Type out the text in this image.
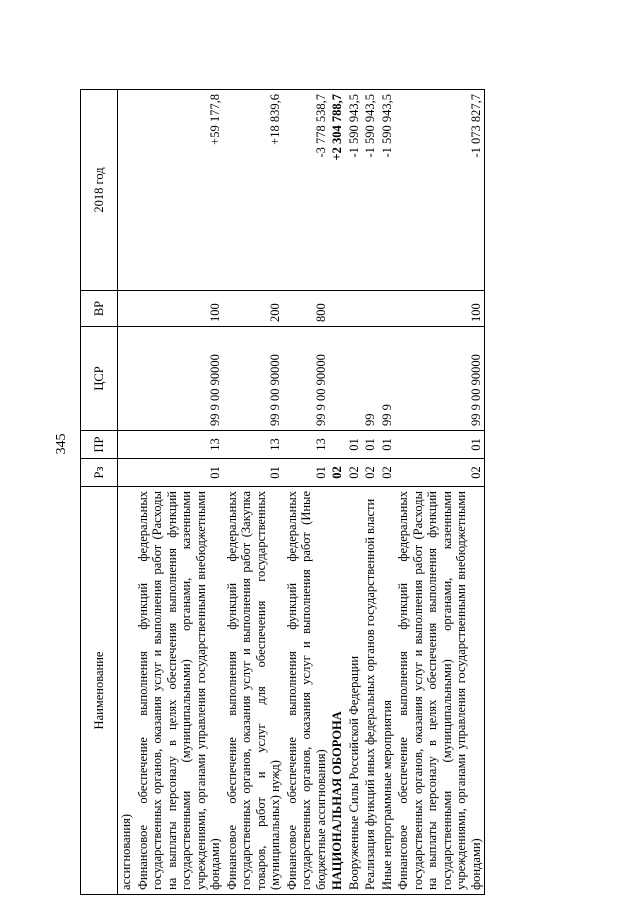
345
Наименование	Рз	ПР	ЦСР	ВР	2018 год
ассигнования)					
Финансовое обеспечение выполнения функций федеральных государственных органов, оказания услуг и выполнения работ (Расходы на выплаты персоналу в целях обеспечения выполнения функций государственными (муниципальными) органами, казенными учреждениями, органами управления государственными внебюджетными фондами)	01	13	99 9 00 90000	100	+59 177,8
Финансовое обеспечение выполнения функций федеральных государственных органов, оказания услуг и выполнения работ (Закупка товаров, работ и услуг для обеспечения государственных (муниципальных) нужд)	01	13	99 9 00 90000	200	+18 839,6
Финансовое обеспечение выполнения функций федеральных государственных органов, оказания услуг и выполнения работ (Иные бюджетные ассигнования)	01	13	99 9 00 90000	800	-3 778 538,7
НАЦИОНАЛЬНАЯ ОБОРОНА	02				+2 304 788,7
Вооруженные Силы Российской Федерации	02	01			-1 590 943,5
Реализация функций иных федеральных органов государственной власти	02	01	99		-1 590 943,5
Иные непрограммные мероприятия	02	01	99 9		-1 590 943,5
Финансовое обеспечение выполнения функций федеральных государственных органов, оказания услуг и выполнения работ (Расходы на выплаты персоналу в целях обеспечения выполнения функций государственными (муниципальными) органами, казенными учреждениями, органами управления государственными внебюджетными фондами)	02	01	99 9 00 90000	100	-1 073 827,7
